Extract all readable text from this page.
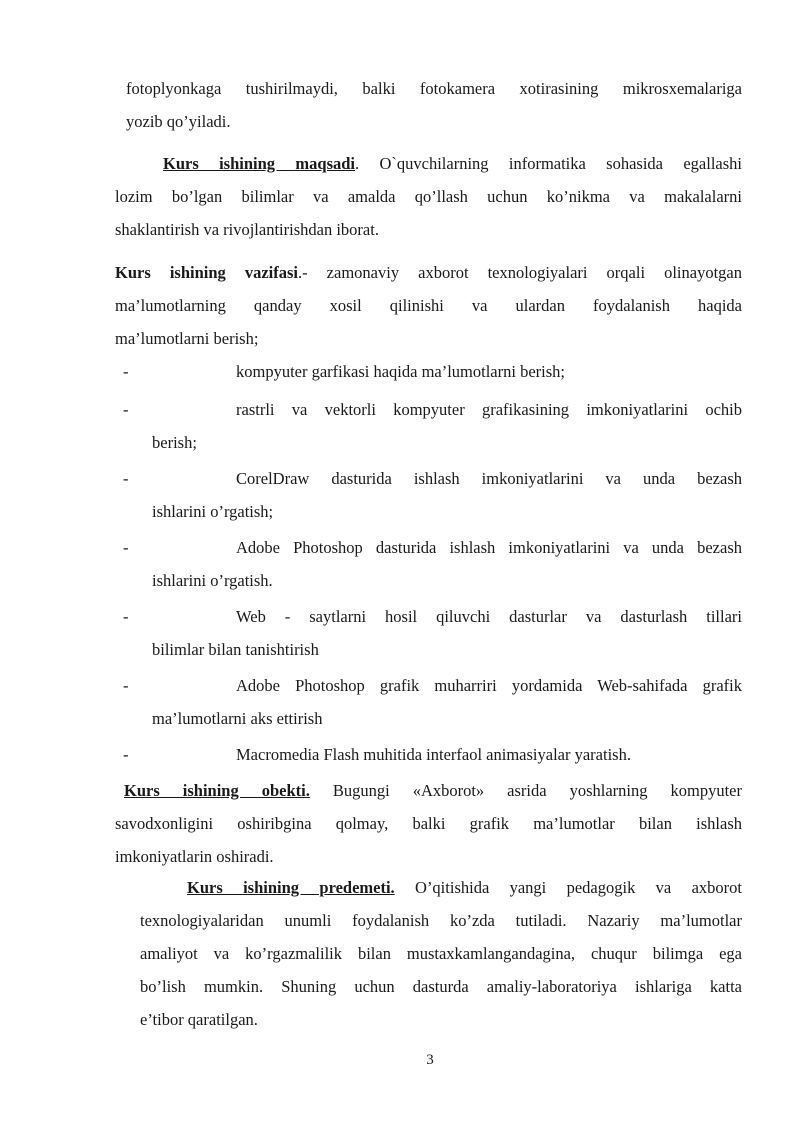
fotoplyonkaga tushirilmaydi, balki fotokamera xotirasining mikrosxemalariga
yozib qo’yiladi.
Kurs ishining maqsadi. O`quvchilarning informatika sohasida egallashi
lozim bo’lgan bilimlar va amalda qo’llash uchun ko’nikma va makalalarni
shaklantirish va rivojlantirishdan iborat.
Kurs ishining vazifasi.- zamonaviy axborot texnologiyalari orqali olinayotgan
ma’lumotlarning qanday xosil qilinishi va ulardan foydalanish haqida
ma’lumotlarni berish;
-	kompyuter garfikasi haqida ma’lumotlarni berish;
-	rastrli va vektorli kompyuter grafikasining imkoniyatlarini ochib
berish;
-	CorelDraw dasturida ishlash imkoniyatlarini va unda bezash
ishlarini o’rgatish;
-	Adobe Photoshop dasturida ishlash imkoniyatlarini va unda bezash
ishlarini o’rgatish.
-	Web - saytlarni hosil qiluvchi dasturlar va dasturlash tillari
bilimlar bilan tanishtirish
-	Adobe Photoshop grafik muharriri yordamida Web-sahifada grafik
ma’lumotlarni aks ettirish
-	Macromedia Flash muhitida interfaol animasiyalar yaratish.
Kurs ishining obekti. Bugungi «Axborot» asrida yoshlarning kompyuter
savodxonligini oshiribgina qolmay, balki grafik ma’lumotlar bilan ishlash
imkoniyatlarin oshiradi.
Kurs ishining predemeti. O’qitishida yangi pedagogik va axborot
texnologiyalaridan unumli foydalanish ko’zda tutiladi. Nazariy ma’lumotlar
amaliyot va ko’rgazmalilik bilan mustaxkamlangandagina, chuqur bilimga ega
bo’lish mumkin. Shuning uchun dasturda amaliy-laboratoriya ishlariga katta
e’tibor qaratilgan.
3
